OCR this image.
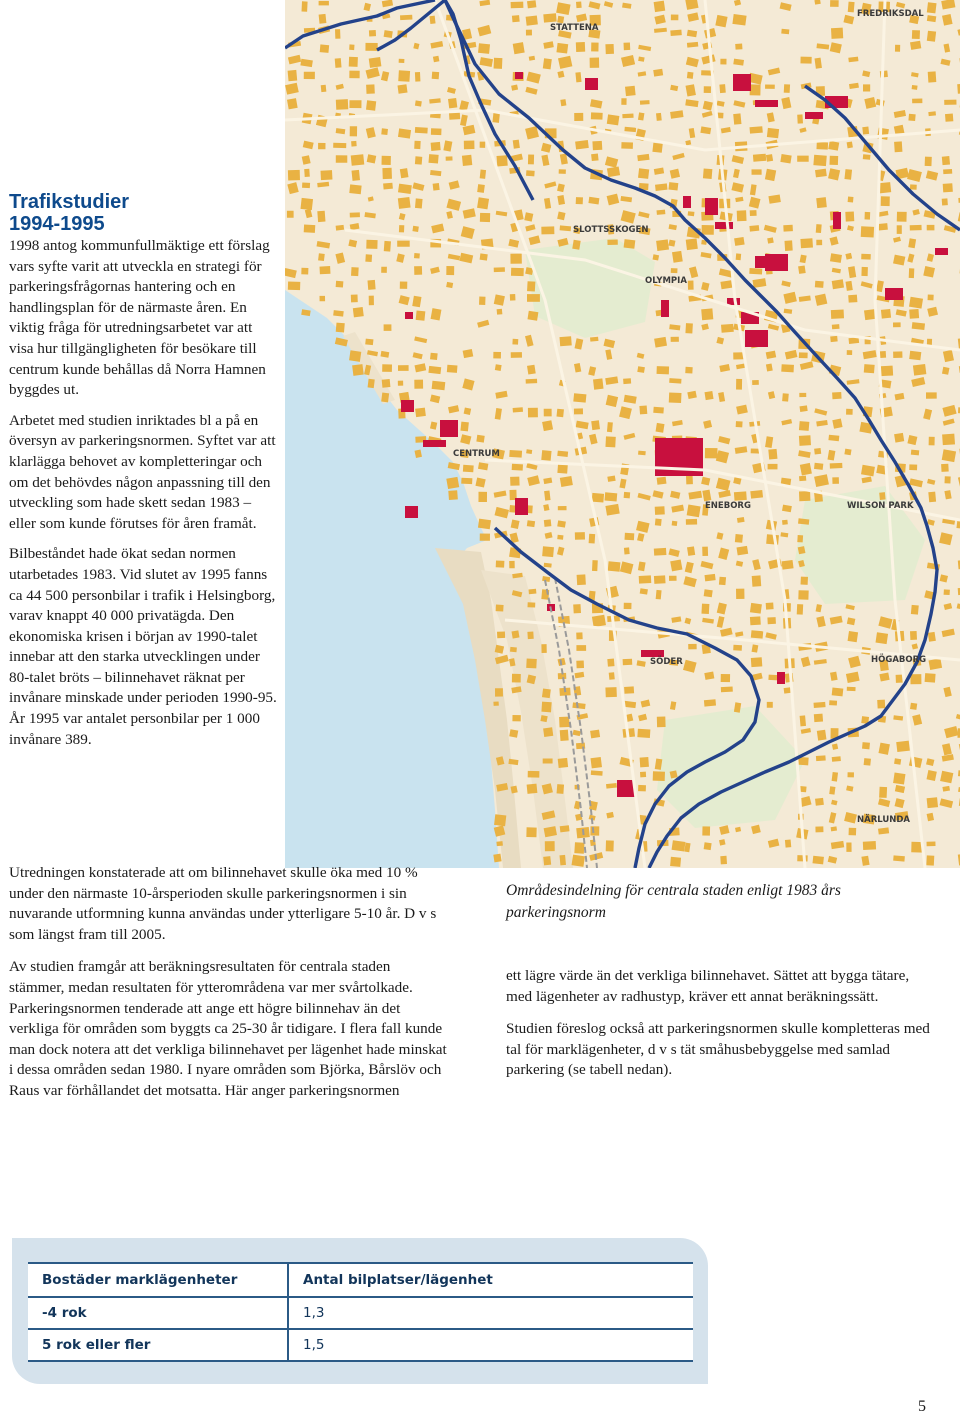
STATTENA
FREDRIKSDAL
SLOTTSSKOGEN
OLYMPIA
CENTRUM
ENEBORG	WILSON PARK
SÖDER	HÖGABORG
NÄRLUNDA
Trafikstudier
1994-1995

1998 antog kommunfullmäktige ett förslag vars syfte varit att utveckla en strategi för parkeringsfrågornas hantering och en handlingsplan för de närmaste åren. En viktig fråga för utredningsarbetet var att visa hur tillgängligheten för besökare till centrum kunde behållas då Norra Hamnen byggdes ut.

Arbetet med studien inriktades bl a på en översyn av parkeringsnormen. Syftet var att klarlägga behovet av kompletteringar och om det behövdes någon anpassning till den utveckling som hade skett sedan 1983 – eller som kunde förutses för åren framåt.

Bilbeståndet hade ökat sedan normen utarbetades 1983. Vid slutet av 1995 fanns ca 44 500 personbilar i trafik i Helsingborg, varav knappt 40 000 privatägda. Den ekonomiska krisen i början av 1990-talet innebar att den starka utvecklingen under 80-talet bröts – bilinnehavet räknat per invånare minskade under perioden 1990-95. År 1995 var antalet personbilar per 1 000 invånare 389.

Utredningen konstaterade att om bilinnehavet skulle öka med 10 % under den närmaste 10-årsperioden skulle parkeringsnormen i sin nuvarande utformning kunna användas under ytterligare 5-10 år. D v s som längst fram till 2005.

Av studien framgår att beräkningsresultaten för centrala staden stämmer, medan resultaten för ytterområdena var mer svårtolkade. Parkeringsnormen tenderade att ange ett högre bilinnehav än det verkliga för områden som byggts ca 25-30 år tidigare. I flera fall kunde man dock notera att det verkliga bilinnehavet per lägenhet hade minskat i dessa områden sedan 1980. I nyare områden som Björka, Bårslöv och Raus var förhållandet det motsatta. Här anger parkeringsnormen

Områdesindelning för centrala staden enligt 1983 års parkeringsnorm

ett lägre värde än det verkliga bilinnehavet. Sättet att bygga tätare, med lägenheter av radhustyp, kräver ett annat beräkningssätt.

Studien föreslog också att parkeringsnormen skulle kompletteras med tal för marklägenheter, d v s tät småhusbebyggelse med samlad parkering (se tabell nedan).

Bostäder marklägenheter	Antal bilplatser/lägenhet
-4 rok	1,3
5 rok eller fler	1,5
5
